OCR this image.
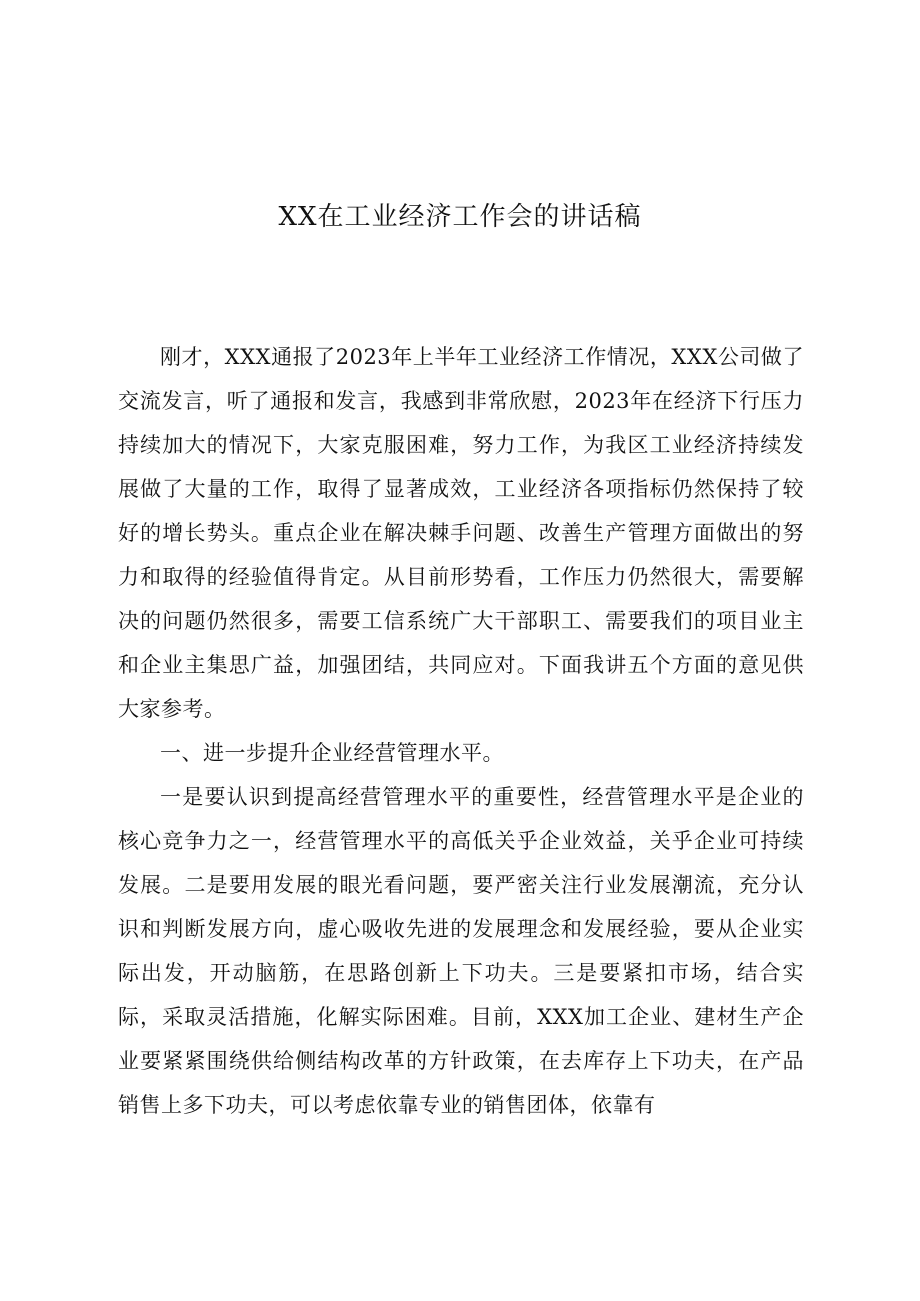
XX在工业经济工作会的讲话稿

刚才，XXX通报了2023年上半年工业经济工作情况，XXX公司做了交流发言，听了通报和发言，我感到非常欣慰，2023年在经济下行压力持续加大的情况下，大家克服困难，努力工作，为我区工业经济持续发展做了大量的工作，取得了显著成效，工业经济各项指标仍然保持了较好的增长势头。重点企业在解决棘手问题、改善生产管理方面做出的努力和取得的经验值得肯定。从目前形势看，工作压力仍然很大，需要解决的问题仍然很多，需要工信系统广大干部职工、需要我们的项目业主和企业主集思广益，加强团结，共同应对。下面我讲五个方面的意见供大家参考。

一、进一步提升企业经营管理水平。

一是要认识到提高经营管理水平的重要性，经营管理水平是企业的核心竞争力之一，经营管理水平的高低关乎企业效益，关乎企业可持续发展。二是要用发展的眼光看问题，要严密关注行业发展潮流，充分认识和判断发展方向，虚心吸收先进的发展理念和发展经验，要从企业实际出发，开动脑筋，在思路创新上下功夫。三是要紧扣市场，结合实际，采取灵活措施，化解实际困难。目前，XXX加工企业、建材生产企业要紧紧围绕供给侧结构改革的方针政策，在去库存上下功夫，在产品销售上多下功夫，可以考虑依靠专业的销售团体，依靠有
